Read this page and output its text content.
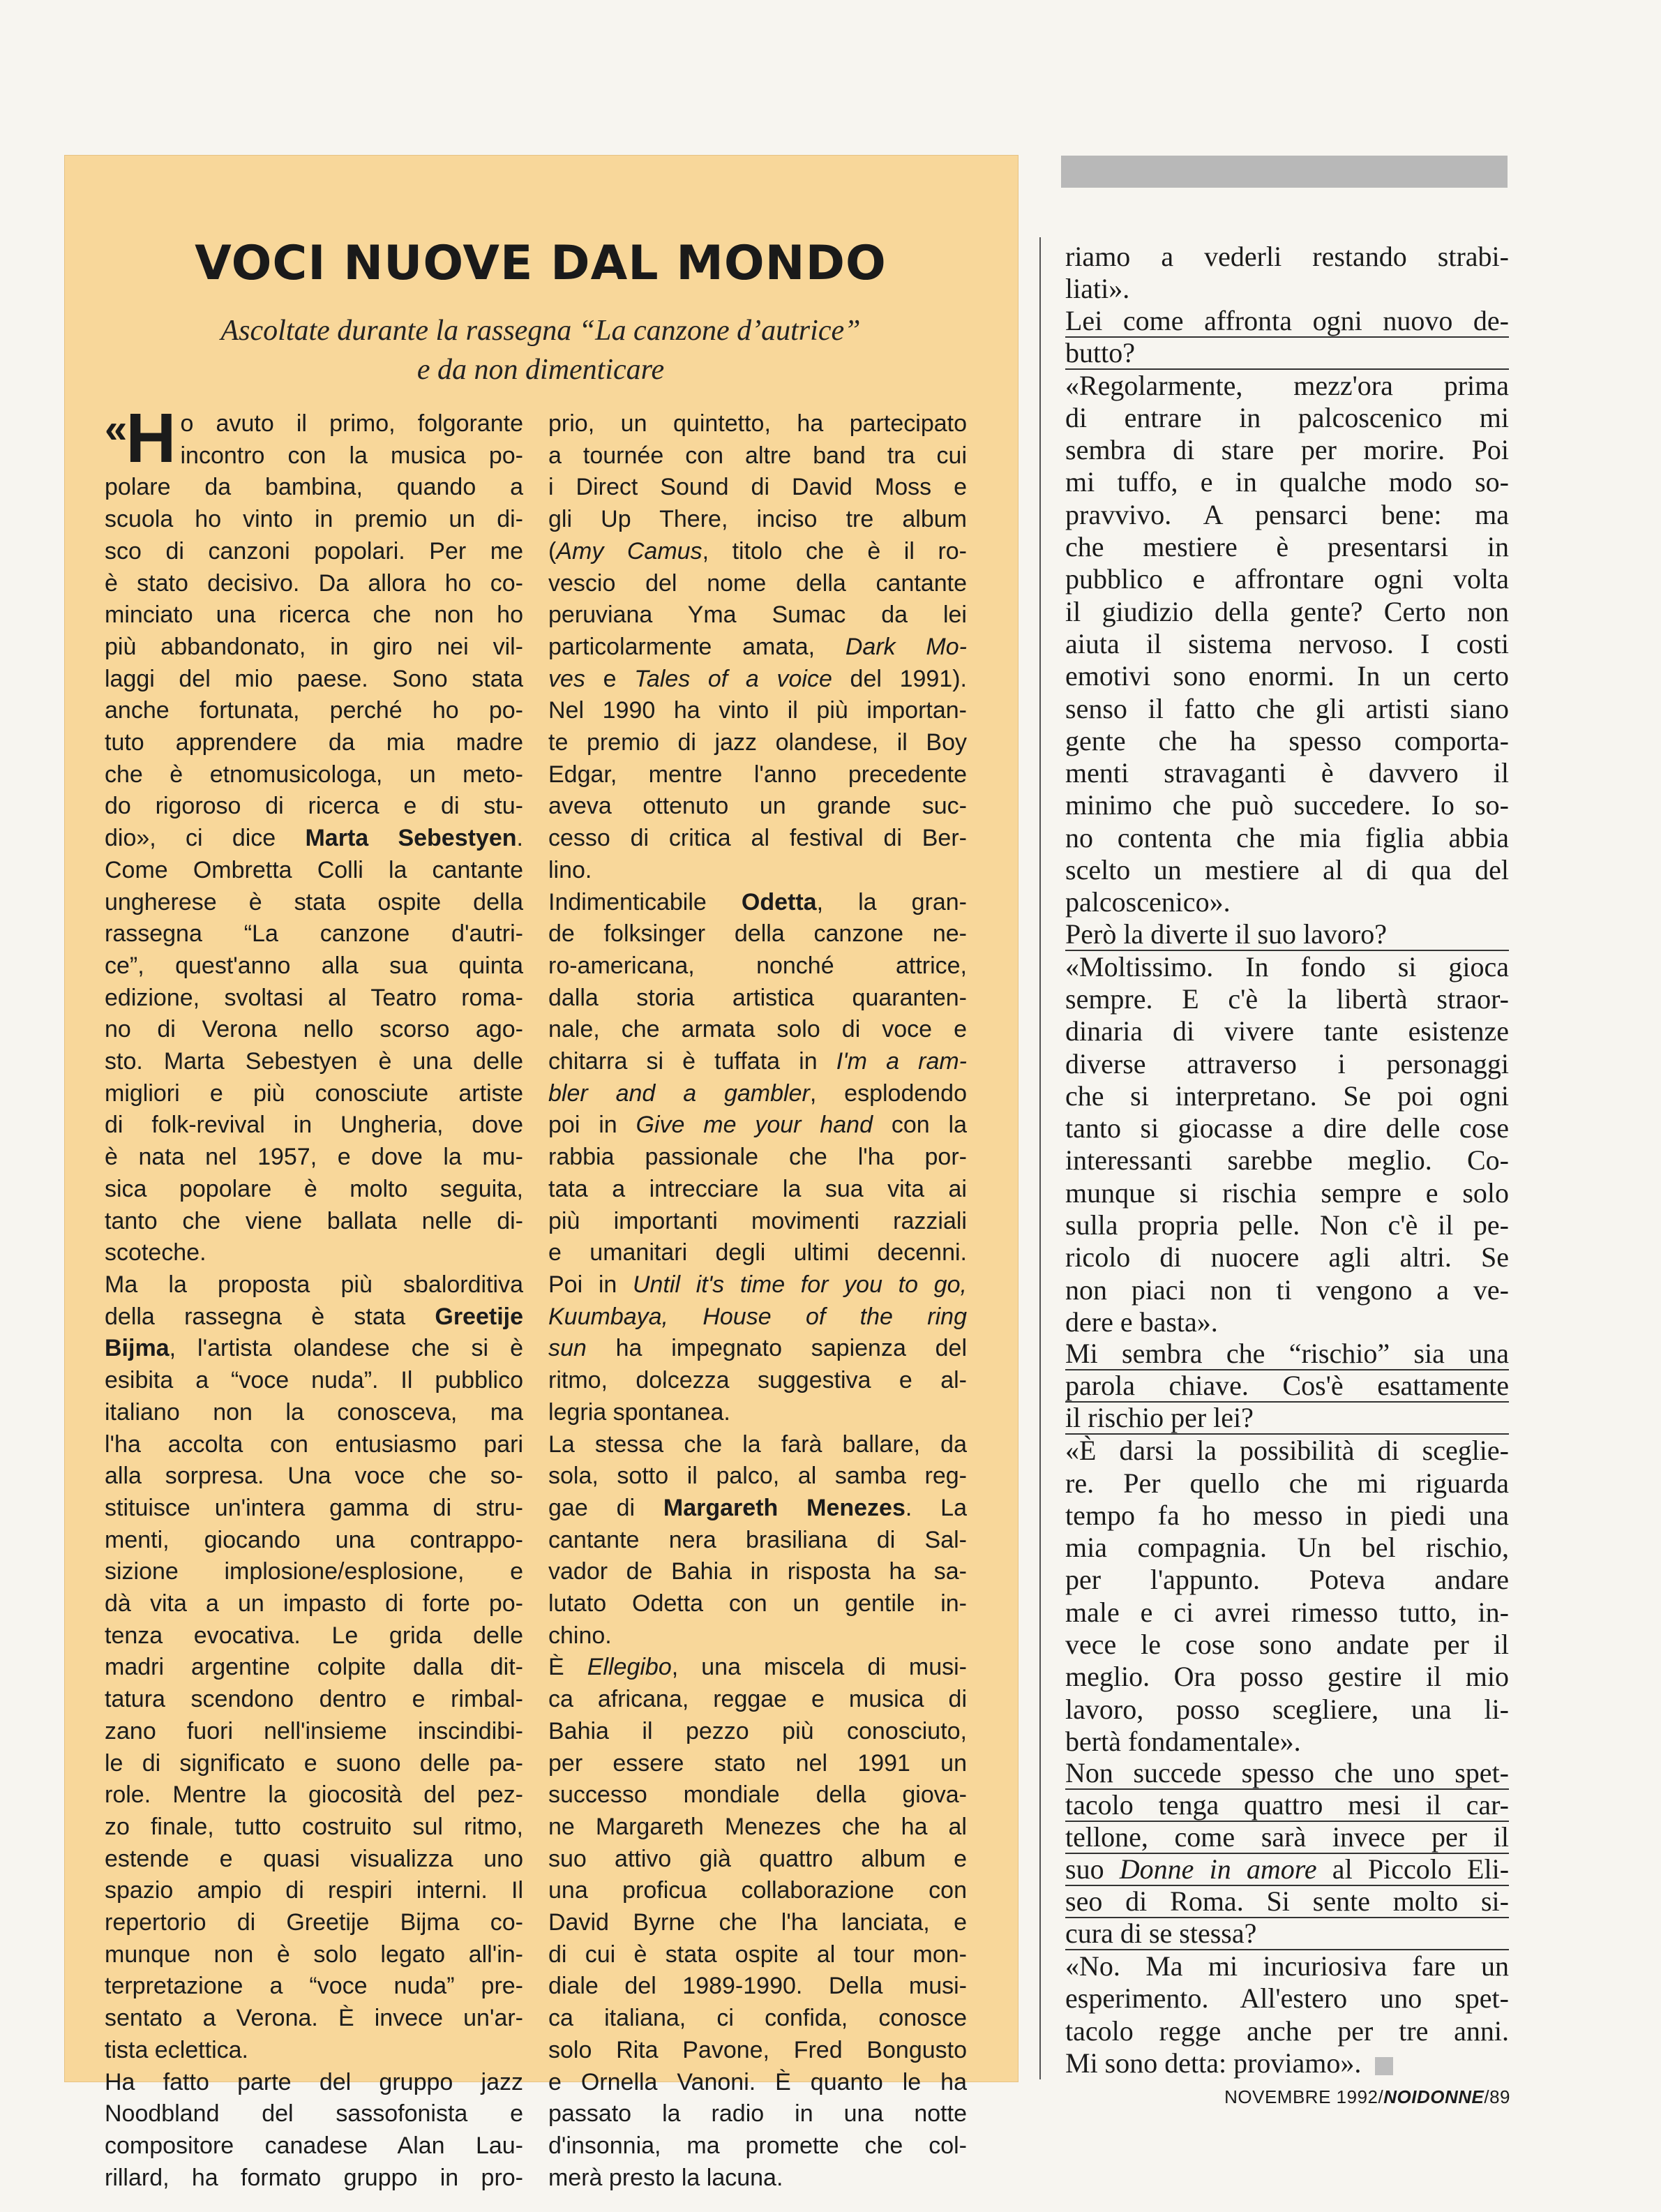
VOCI NUOVE DAL MONDO
Ascoltate durante la rassegna “La canzone d’autrice”
e da non dimenticare
« H o avuto il primo, folgorante
incontro con la musica po-
polare da bambina, quando a
scuola ho vinto in premio un di-
sco di canzoni popolari. Per me
è stato decisivo. Da allora ho co-
minciato una ricerca che non ho
più abbandonato, in giro nei vil-
laggi del mio paese. Sono stata
anche fortunata, perché ho po-
tuto apprendere da mia madre
che è etnomusicologa, un meto-
do rigoroso di ricerca e di stu-
dio», ci dice Marta Sebestyen.
Come Ombretta Colli la cantante
ungherese è stata ospite della
rassegna “La canzone d'autri-
ce”, quest'anno alla sua quinta
edizione, svoltasi al Teatro roma-
no di Verona nello scorso ago-
sto. Marta Sebestyen è una delle
migliori e più conosciute artiste
di folk-revival in Ungheria, dove
è nata nel 1957, e dove la mu-
sica popolare è molto seguita,
tanto che viene ballata nelle di-
scoteche.
Ma la proposta più sbalorditiva
della rassegna è stata Greetije
Bijma, l'artista olandese che si è
esibita a “voce nuda”. Il pubblico
italiano non la conosceva, ma
l'ha accolta con entusiasmo pari
alla sorpresa. Una voce che so-
stituisce un'intera gamma di stru-
menti, giocando una contrappo-
sizione implosione/esplosione, e
dà vita a un impasto di forte po-
tenza evocativa. Le grida delle
madri argentine colpite dalla dit-
tatura scendono dentro e rimbal-
zano fuori nell'insieme inscindibi-
le di significato e suono delle pa-
role. Mentre la giocosità del pez-
zo finale, tutto costruito sul ritmo,
estende e quasi visualizza uno
spazio ampio di respiri interni. Il
repertorio di Greetije Bijma co-
munque non è solo legato all'in-
terpretazione a “voce nuda” pre-
sentato a Verona. È invece un'ar-
tista eclettica.
Ha fatto parte del gruppo jazz
Noodbland del sassofonista e
compositore canadese Alan Lau-
rillard, ha formato gruppo in pro-
prio, un quintetto, ha partecipato
a tournée con altre band tra cui
i Direct Sound di David Moss e
gli Up There, inciso tre album
(Amy Camus, titolo che è il ro-
vescio del nome della cantante
peruviana Yma Sumac da lei
particolarmente amata, Dark Mo-
ves e Tales of a voice del 1991).
Nel 1990 ha vinto il più importan-
te premio di jazz olandese, il Boy
Edgar, mentre l'anno precedente
aveva ottenuto un grande suc-
cesso di critica al festival di Ber-
lino.
Indimenticabile Odetta, la gran-
de folksinger della canzone ne-
ro-americana, nonché attrice,
dalla storia artistica quaranten-
nale, che armata solo di voce e
chitarra si è tuffata in I'm a ram-
bler and a gambler, esplodendo
poi in Give me your hand con la
rabbia passionale che l'ha por-
tata a intrecciare la sua vita ai
più importanti movimenti razziali
e umanitari degli ultimi decenni.
Poi in Until it's time for you to go,
Kuumbaya, House of the ring
sun ha impegnato sapienza del
ritmo, dolcezza suggestiva e al-
legria spontanea.
La stessa che la farà ballare, da
sola, sotto il palco, al samba reg-
gae di Margareth Menezes. La
cantante nera brasiliana di Sal-
vador de Bahia in risposta ha sa-
lutato Odetta con un gentile in-
chino.
È Ellegibo, una miscela di musi-
ca africana, reggae e musica di
Bahia il pezzo più conosciuto,
per essere stato nel 1991 un
successo mondiale della giova-
ne Margareth Menezes che ha al
suo attivo già quattro album e
una proficua collaborazione con
David Byrne che l'ha lanciata, e
di cui è stata ospite al tour mon-
diale del 1989-1990. Della musi-
ca italiana, ci confida, conosce
solo Rita Pavone, Fred Bongusto
e Ornella Vanoni. È quanto le ha
passato la radio in una notte
d'insonnia, ma promette che col-
merà presto la lacuna.
riamo a vederli restando strabi-
liati».
Lei come affronta ogni nuovo de-
butto?
«Regolarmente, mezz'ora prima
di entrare in palcoscenico mi
sembra di stare per morire. Poi
mi tuffo, e in qualche modo so-
pravvivo. A pensarci bene: ma
che mestiere è presentarsi in
pubblico e affrontare ogni volta
il giudizio della gente? Certo non
aiuta il sistema nervoso. I costi
emotivi sono enormi. In un certo
senso il fatto che gli artisti siano
gente che ha spesso comporta-
menti stravaganti è davvero il
minimo che può succedere. Io so-
no contenta che mia figlia abbia
scelto un mestiere al di qua del
palcoscenico».
Però la diverte il suo lavoro?
«Moltissimo. In fondo si gioca
sempre. E c'è la libertà straor-
dinaria di vivere tante esistenze
diverse attraverso i personaggi
che si interpretano. Se poi ogni
tanto si giocasse a dire delle cose
interessanti sarebbe meglio. Co-
munque si rischia sempre e solo
sulla propria pelle. Non c'è il pe-
ricolo di nuocere agli altri. Se
non piaci non ti vengono a ve-
dere e basta».
Mi sembra che “rischio” sia una
parola chiave. Cos'è esattamente
il rischio per lei?
«È darsi la possibilità di sceglie-
re. Per quello che mi riguarda
tempo fa ho messo in piedi una
mia compagnia. Un bel rischio,
per l'appunto. Poteva andare
male e ci avrei rimesso tutto, in-
vece le cose sono andate per il
meglio. Ora posso gestire il mio
lavoro, posso scegliere, una li-
bertà fondamentale».
Non succede spesso che uno spet-
tacolo tenga quattro mesi il car-
tellone, come sarà invece per il
suo Donne in amore al Piccolo Eli-
seo di Roma. Si sente molto si-
cura di se stessa?
«No. Ma mi incuriosiva fare un
esperimento. All'estero uno spet-
tacolo regge anche per tre anni.
Mi sono detta: proviamo».
NOVEMBRE 1992/NOIDONNE/89
